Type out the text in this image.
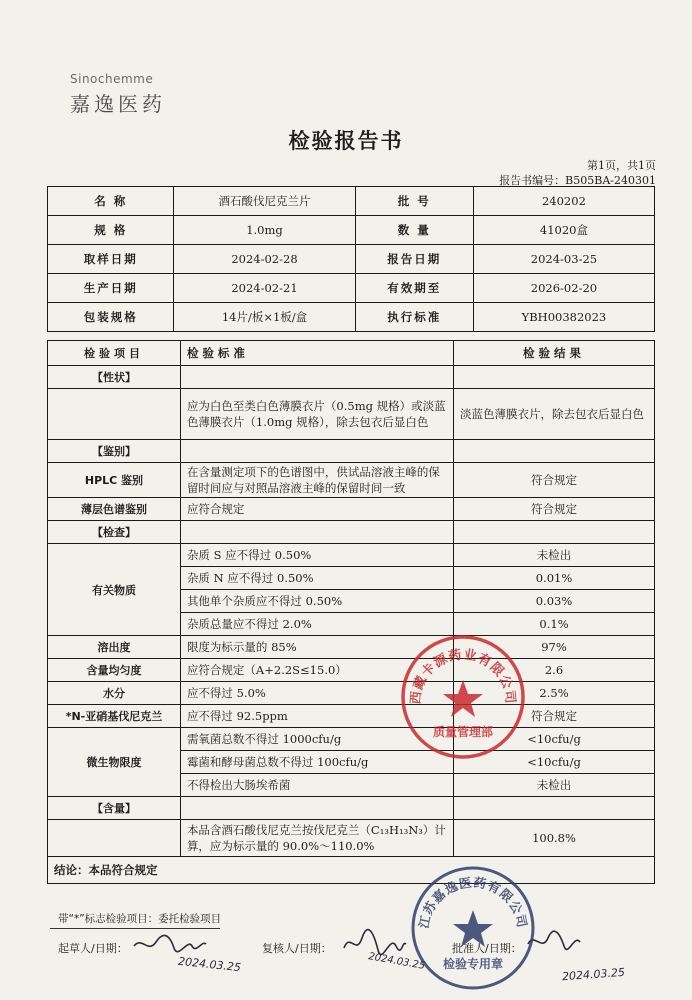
Sinochemme
嘉逸医药
检验报告书
第1页，共1页
报告书编号：B505BA-240301
名 称	酒石酸伐尼克兰片	批 号	240202
规 格	1.0mg	数 量	41020盒
取样日期	2024-02-28	报告日期	2024-03-25
生产日期	2024-02-21	有效期至	2026-02-20
包装规格	14片/板×1板/盒	执行标准	YBH00382023
检验项目	检验标准	检验结果
【性状】		
	应为白色至类白色薄膜衣片（0.5mg 规格）或淡蓝色薄膜衣片（1.0mg 规格），除去包衣后显白色	淡蓝色薄膜衣片，除去包衣后显白色
【鉴别】		
HPLC 鉴别	在含量测定项下的色谱图中，供试品溶液主峰的保留时间应与对照品溶液主峰的保留时间一致	符合规定
薄层色谱鉴别	应符合规定	符合规定
【检查】		
有关物质	杂质 S 应不得过 0.50%	未检出
	杂质 N 应不得过 0.50%	0.01%
	其他单个杂质应不得过 0.50%	0.03%
	杂质总量应不得过 2.0%	0.1%
溶出度	限度为标示量的 85%	97%
含量均匀度	应符合规定（A+2.2S≤15.0）	2.6
水分	应不得过 5.0%	2.5%
*N-亚硝基伐尼克兰	应不得过 92.5ppm	符合规定
微生物限度	需氧菌总数不得过 1000cfu/g	<10cfu/g
	霉菌和酵母菌总数不得过 100cfu/g	<10cfu/g
	不得检出大肠埃希菌	未检出
【含量】		
	本品含酒石酸伐尼克兰按伐尼克兰（C₁₃H₁₃N₃）计算，应为标示量的 90.0%～110.0%	100.8%
结论：本品符合规定		
带“*”标志检验项目：委托检验项目
起草人/日期：	复核人/日期：	批准人/日期：
2024.03.25	2024.03.25
2024.03.25
西藏卡源药业有限公司
质量管理部
江苏嘉逸医药有限公司
检验专用章
